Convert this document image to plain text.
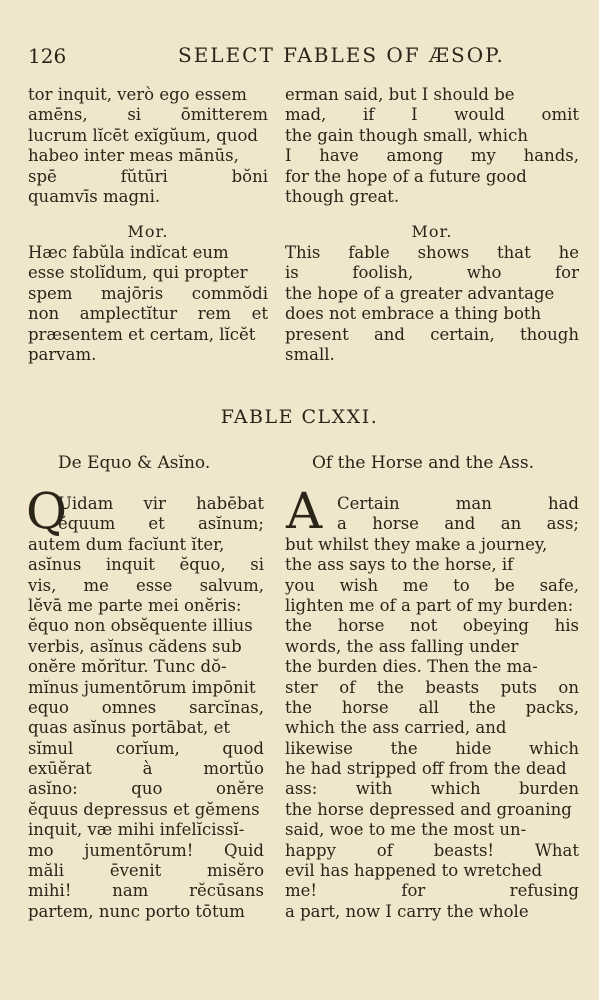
126	SELECT FABLES OF ÆSOP.
tor inquit, verò ego essem
amēns, si ōmitterem
lucrum lĭcēt exĭgŭum, quod
habeo inter meas mānūs,
spē fŭtūri bŏni
quamvīs magni.
erman said, but I should be
mad, if I would omit
the gain though small, which
I have among my hands,
for the hope of a future good
though great.
Mor.
Hæc fabŭla indĭcat eum
esse stolĭdum, qui propter
spem majōris commŏdi
non amplectĭtur rem et
præsentem et certam, lĭcĕt
parvam.
Mor.
This fable shows that he
is foolish, who for
the hope of a greater advantage
does not embrace a thing both
present and certain, though
small.
FABLE CLXXI.
De Equo & Asĭno.	Of the Horse and the Ass.
Q	A
Uidam vir habēbat
ĕquum et asĭnum;
autem dum facĭunt ĭter,
asĭnus inquit ĕquo, si
vis, me esse salvum,
lĕvā me parte mei onĕris:
ĕquo non obsĕquente illius
verbis, asĭnus cădens sub
onĕre mŏrĭtur. Tunc dŏ-
mĭnus jumentōrum impōnit
equo omnes sarcĭnas,
quas asĭnus portābat, et
sĭmul corĭum, quod
exūĕrat à mortŭo
asĭno: quo onĕre
ĕquus depressus et gĕmens
inquit, væ mihi infelĭcissĭ-
mo jumentōrum! Quid
măli ēvenit misĕro
mihi! nam rĕcūsans
partem, nunc porto tōtum
Certain man had
a horse and an ass;
but whilst they make a journey,
the ass says to the horse, if
you wish me to be safe,
lighten me of a part of my burden:
the horse not obeying his
words, the ass falling under
the burden dies. Then the ma-
ster of the beasts puts on
the horse all the packs,
which the ass carried, and
likewise the hide which
he had stripped off from the dead
ass: with which burden
the horse depressed and groaning
said, woe to me the most un-
happy of beasts! What
evil has happened to wretched
me! for refusing
a part, now I carry the whole
